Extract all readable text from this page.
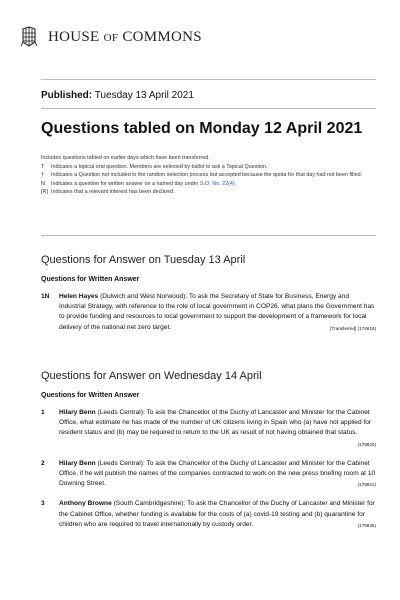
HOUSE OF COMMONS
Published: Tuesday 13 April 2021
Questions tabled on Monday 12 April 2021
Includes questions tabled on earlier days which have been transferred.
T	Indicates a topical oral question. Members are selected by ballot to ask a Topical Question.
†	Indicates a Question not included in the random selection process but accepted because the quota for that day had not been filled.
N	Indicates a question for written answer on a named day under S.O. No. 22(4).
[R] Indicates that a relevant interest has been declared.
Questions for Answer on Tuesday 13 April
Questions for Written Answer
1N	Helen Hayes (Dulwich and West Norwood): To ask the Secretary of State for Business, Energy and Industrial Strategy, with reference to the role of local government in COP26, what plans the Government has to provide funding and resources to local government to support the development of a framework for local delivery of the national net zero target.	[Transferred] (174918)
Questions for Answer on Wednesday 14 April
Questions for Written Answer
1	Hilary Benn (Leeds Central): To ask the Chancellor of the Duchy of Lancaster and Minister for the Cabinet Office, what estimate he has made of the number of UK citizens living in Spain who (a) have not applied for resident status and (b) may be required to return to the UK as result of not having obtained that status.
(178820)
2	Hilary Benn (Leeds Central): To ask the Chancellor of the Duchy of Lancaster and Minister for the Cabinet Office, if he will publish the names of the companies contracted to work on the new press briefing room at 10 Downing Street.	(178821)
3	Anthony Browne (South Cambridgeshire): To ask the Chancellor of the Duchy of Lancaster and Minister for the Cabinet Office, whether funding is available for the costs of (a) covid-19 testing and (b) quarantine for children who are required to travel internationally by custody order.	(179635)
